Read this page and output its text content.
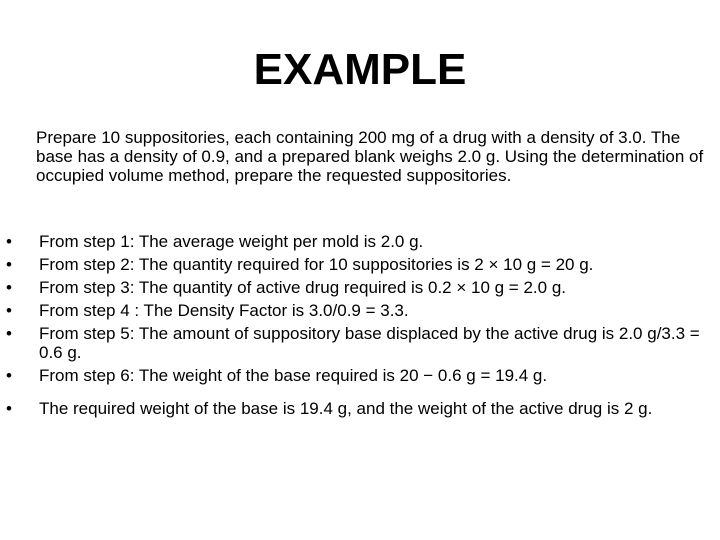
EXAMPLE
Prepare 10 suppositories, each containing 200 mg of a drug with a density of 3.0. The base has a density of 0.9, and a prepared blank weighs 2.0 g. Using the determination of occupied volume method, prepare the requested suppositories.
• From step 1: The average weight per mold is 2.0 g.
• From step 2: The quantity required for 10 suppositories is 2 × 10 g = 20 g.
• From step 3: The quantity of active drug required is 0.2 × 10 g = 2.0 g.
• From step 4 : The Density Factor is 3.0/0.9 = 3.3.
• From step 5: The amount of suppository base displaced by the active drug is 2.0 g/3.3 = 0.6 g.
• From step 6: The weight of the base required is 20 − 0.6 g = 19.4 g.
• The required weight of the base is 19.4 g, and the weight of the active drug is 2 g.
